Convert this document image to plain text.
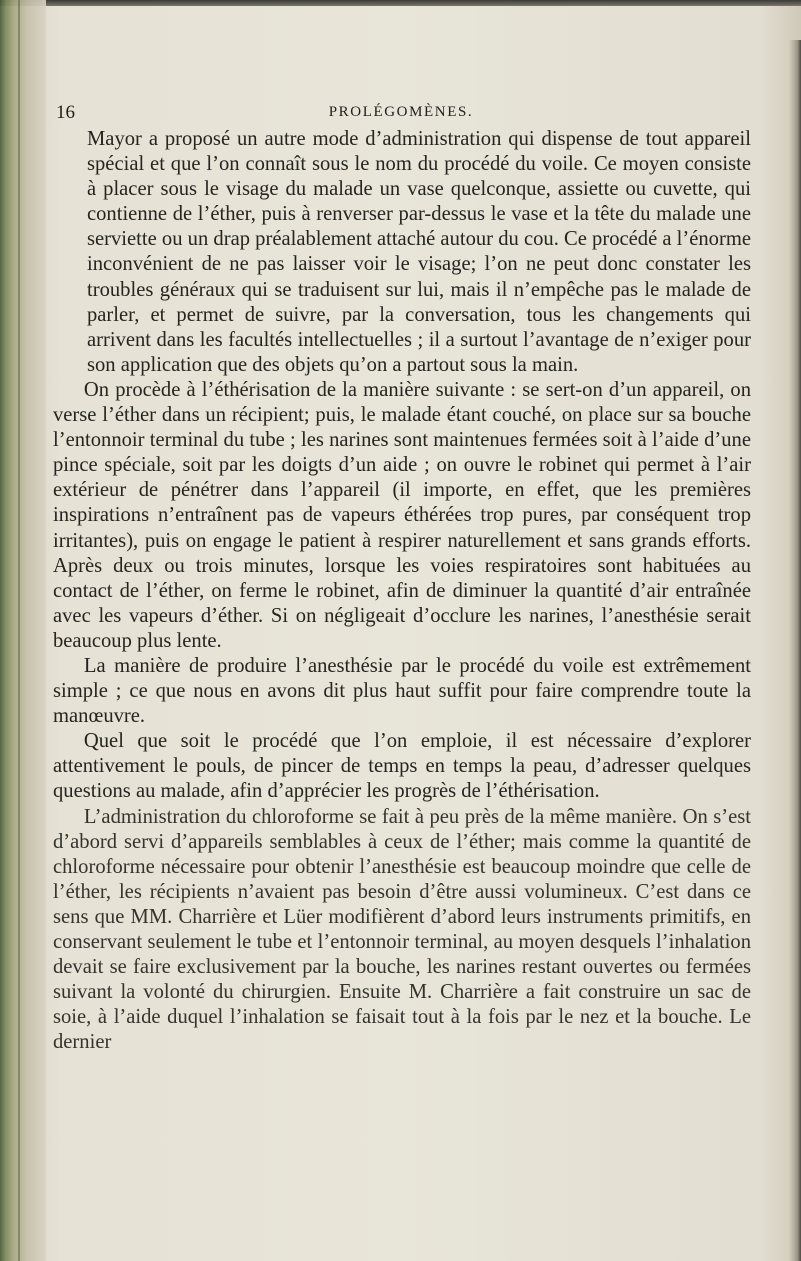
16	PROLÉGOMÈNES.

Mayor a proposé un autre mode d’administration qui dispense de tout appareil spécial et que l’on connaît sous le nom du procédé du voile. Ce moyen consiste à placer sous le visage du malade un vase quelconque, assiette ou cuvette, qui contienne de l’éther, puis à renverser par-dessus le vase et la tête du malade une serviette ou un drap préalablement attaché autour du cou. Ce procédé a l’énorme inconvénient de ne pas laisser voir le visage; l’on ne peut donc constater les troubles généraux qui se traduisent sur lui, mais il n’empêche pas le malade de parler, et permet de suivre, par la conversation, tous les changements qui arrivent dans les facultés intellectuelles ; il a surtout l’avantage de n’exiger pour son application que des objets qu’on a partout sous la main.

On procède à l’éthérisation de la manière suivante : se sert-on d’un appareil, on verse l’éther dans un récipient; puis, le malade étant couché, on place sur sa bouche l’entonnoir terminal du tube ; les narines sont maintenues fermées soit à l’aide d’une pince spéciale, soit par les doigts d’un aide ; on ouvre le robinet qui permet à l’air extérieur de pénétrer dans l’appareil (il importe, en effet, que les premières inspirations n’entraînent pas de vapeurs éthérées trop pures, par conséquent trop irritantes), puis on engage le patient à respirer naturellement et sans grands efforts. Après deux ou trois minutes, lorsque les voies respiratoires sont habituées au contact de l’éther, on ferme le robinet, afin de diminuer la quantité d’air entraînée avec les vapeurs d’éther. Si on négligeait d’occlure les narines, l’anesthésie serait beaucoup plus lente.

La manière de produire l’anesthésie par le procédé du voile est extrêmement simple ; ce que nous en avons dit plus haut suffit pour faire comprendre toute la manœuvre.

Quel que soit le procédé que l’on emploie, il est nécessaire d’explorer attentivement le pouls, de pincer de temps en temps la peau, d’adresser quelques questions au malade, afin d’apprécier les progrès de l’éthérisation.

L’administration du chloroforme se fait à peu près de la même manière. On s’est d’abord servi d’appareils semblables à ceux de l’éther; mais comme la quantité de chloroforme nécessaire pour obtenir l’anesthésie est beaucoup moindre que celle de l’éther, les récipients n’avaient pas besoin d’être aussi volumineux. C’est dans ce sens que MM. Charrière et Lüer modifièrent d’abord leurs instruments primitifs, en conservant seulement le tube et l’entonnoir terminal, au moyen desquels l’inhalation devait se faire exclusivement par la bouche, les narines restant ouvertes ou fermées suivant la volonté du chirurgien. Ensuite M. Charrière a fait construire un sac de soie, à l’aide duquel l’inhalation se faisait tout à la fois par le nez et la bouche. Le dernier
